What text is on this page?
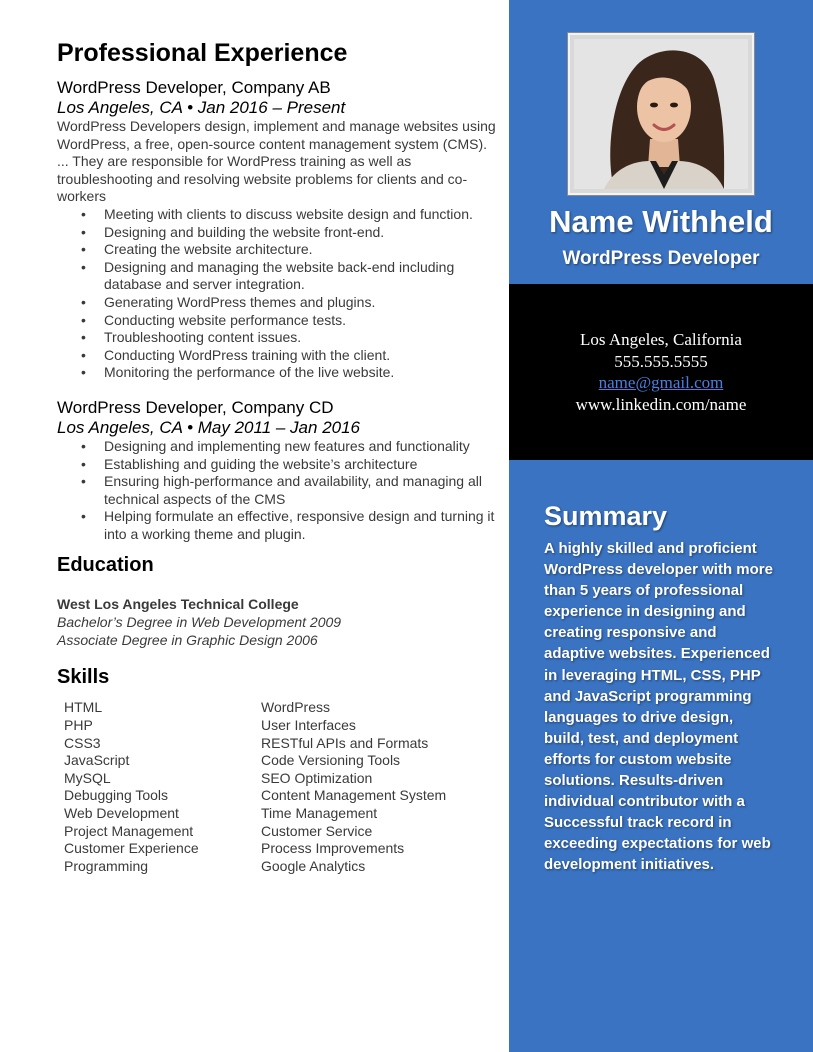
Professional Experience
WordPress Developer, Company AB
Los Angeles, CA • Jan 2016 – Present
WordPress Developers design, implement and manage websites using WordPress, a free, open-source content management system (CMS). ... They are responsible for WordPress training as well as troubleshooting and resolving website problems for clients and co-workers
• Meeting with clients to discuss website design and function.
• Designing and building the website front-end.
• Creating the website architecture.
• Designing and managing the website back-end including database and server integration.
• Generating WordPress themes and plugins.
• Conducting website performance tests.
• Troubleshooting content issues.
• Conducting WordPress training with the client.
• Monitoring the performance of the live website.
WordPress Developer, Company CD
Los Angeles, CA • May 2011 – Jan 2016
• Designing and implementing new features and functionality
• Establishing and guiding the website’s architecture
• Ensuring high-performance and availability, and managing all technical aspects of the CMS
• Helping formulate an effective, responsive design and turning it into a working theme and plugin.
Education
West Los Angeles Technical College
Bachelor’s Degree in Web Development 2009
Associate Degree in Graphic Design 2006
Skills
HTML
PHP
CSS3
JavaScript
MySQL
Debugging Tools
Web Development
Project Management
Customer Experience
Programming
WordPress
User Interfaces
RESTful APIs and Formats
Code Versioning Tools
SEO Optimization
Content Management System
Time Management
Customer Service
Process Improvements
Google Analytics
Name Withheld
WordPress Developer
Los Angeles, California
555.555.5555
name@gmail.com
www.linkedin.com/name
Summary
A highly skilled and proficient WordPress developer with more than 5 years of professional experience in designing and creating responsive and adaptive websites. Experienced in leveraging HTML, CSS, PHP and JavaScript programming languages to drive design, build, test, and deployment efforts for custom website solutions. Results-driven individual contributor with a Successful track record in exceeding expectations for web development initiatives.
